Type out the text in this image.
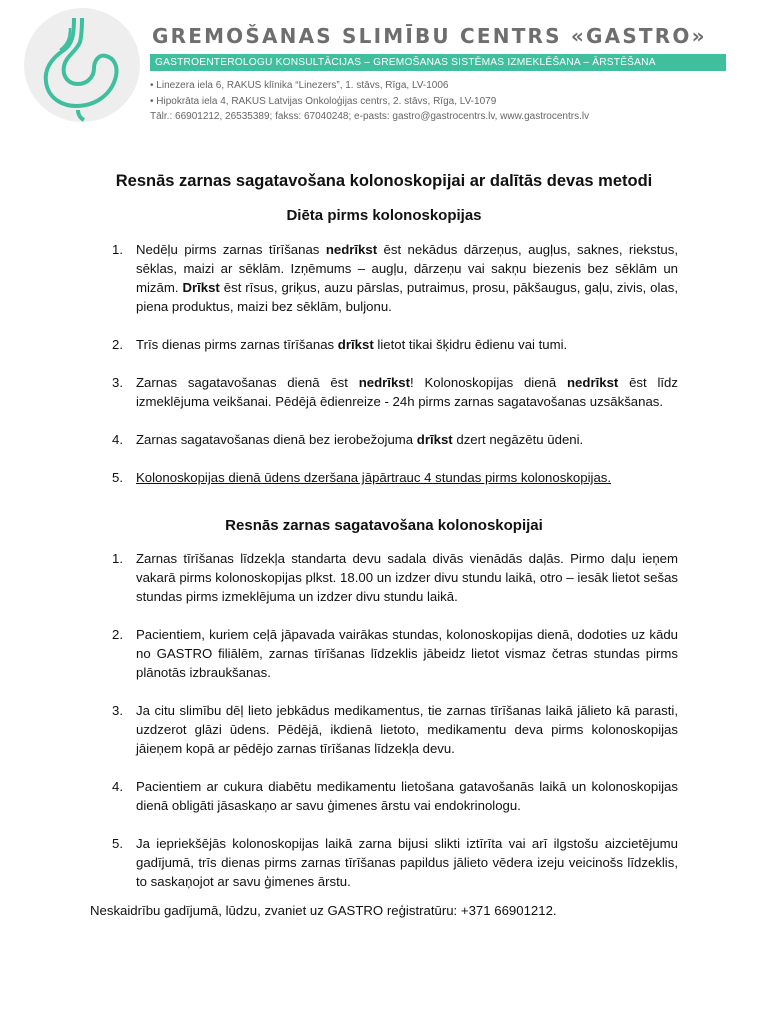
GREMOŠANAS SLIMĪBU CENTRS «GASTRO»
GASTROENTEROLOGU KONSULTĀCIJAS – GREMOŠANAS SISTĒMAS IZMEKLĒŠANA – ĀRSTĒŠANA
• Linezera iela 6, RAKUS klīnika “Linezers”, 1. stāvs, Rīga, LV-1006
• Hipokrāta iela 4, RAKUS Latvijas Onkoloģijas centrs, 2. stāvs, Rīga, LV-1079
Tālr.: 66901212, 26535389; fakss: 67040248; e-pasts: gastro@gastrocentrs.lv, www.gastrocentrs.lv
Resnās zarnas sagatavošana kolonoskopijai ar dalītās devas metodi
Diēta pirms kolonoskopijas
1. Nedēļu pirms zarnas tīrīšanas nedrīkst ēst nekādus dārzeņus, augļus, saknes, riekstus, sēklas, maizi ar sēklām. Izņēmums – augļu, dārzeņu vai sakņu biezenis bez sēklām un mizām. Drīkst ēst rīsus, griķus, auzu pārslas, putraimus, prosu, pākšaugus, gaļu, zivis, olas, piena produktus, maizi bez sēklām, buljonu.
2. Trīs dienas pirms zarnas tīrīšanas drīkst lietot tikai šķidru ēdienu vai tumi.
3. Zarnas sagatavošanas dienā ēst nedrīkst! Kolonoskopijas dienā nedrīkst ēst līdz izmeklējuma veikšanai. Pēdējā ēdienreize - 24h pirms zarnas sagatavošanas uzsākšanas.
4. Zarnas sagatavošanas dienā bez ierobežojuma drīkst dzert negāzētu ūdeni.
5. Kolonoskopijas dienā ūdens dzeršana jāpārtrauc 4 stundas pirms kolonoskopijas.
Resnās zarnas sagatavošana kolonoskopijai
1. Zarnas tīrīšanas līdzekļa standarta devu sadala divās vienādās daļās. Pirmo daļu ieņem vakarā pirms kolonoskopijas plkst. 18.00 un izdzer divu stundu laikā, otro – iesāk lietot sešas stundas pirms izmeklējuma un izdzer divu stundu laikā.
2. Pacientiem, kuriem ceļā jāpavada vairākas stundas, kolonoskopijas dienā, dodoties uz kādu no GASTRO filiālēm, zarnas tīrīšanas līdzeklis jābeidz lietot vismaz četras stundas pirms plānotās izbraukšanas.
3. Ja citu slimību dēļ lieto jebkādus medikamentus, tie zarnas tīrīšanas laikā jālieto kā parasti, uzdzerot glāzi ūdens. Pēdējā, ikdienā lietoto, medikamentu deva pirms kolonoskopijas jāieņem kopā ar pēdējo zarnas tīrīšanas līdzekļa devu.
4. Pacientiem ar cukura diabētu medikamentu lietošana gatavošanās laikā un kolonoskopijas dienā obligāti jāsaskaņo ar savu ģimenes ārstu vai endokrinologu.
5. Ja iepriekšējās kolonoskopijas laikā zarna bijusi slikti iztīrīta vai arī ilgstošu aizcietējumu gadījumā, trīs dienas pirms zarnas tīrīšanas papildus jālieto vēdera izeju veicinošs līdzeklis, to saskaņojot ar savu ģimenes ārstu.
Neskaidrību gadījumā, lūdzu, zvaniet uz GASTRO reģistratūru: +371 66901212.
